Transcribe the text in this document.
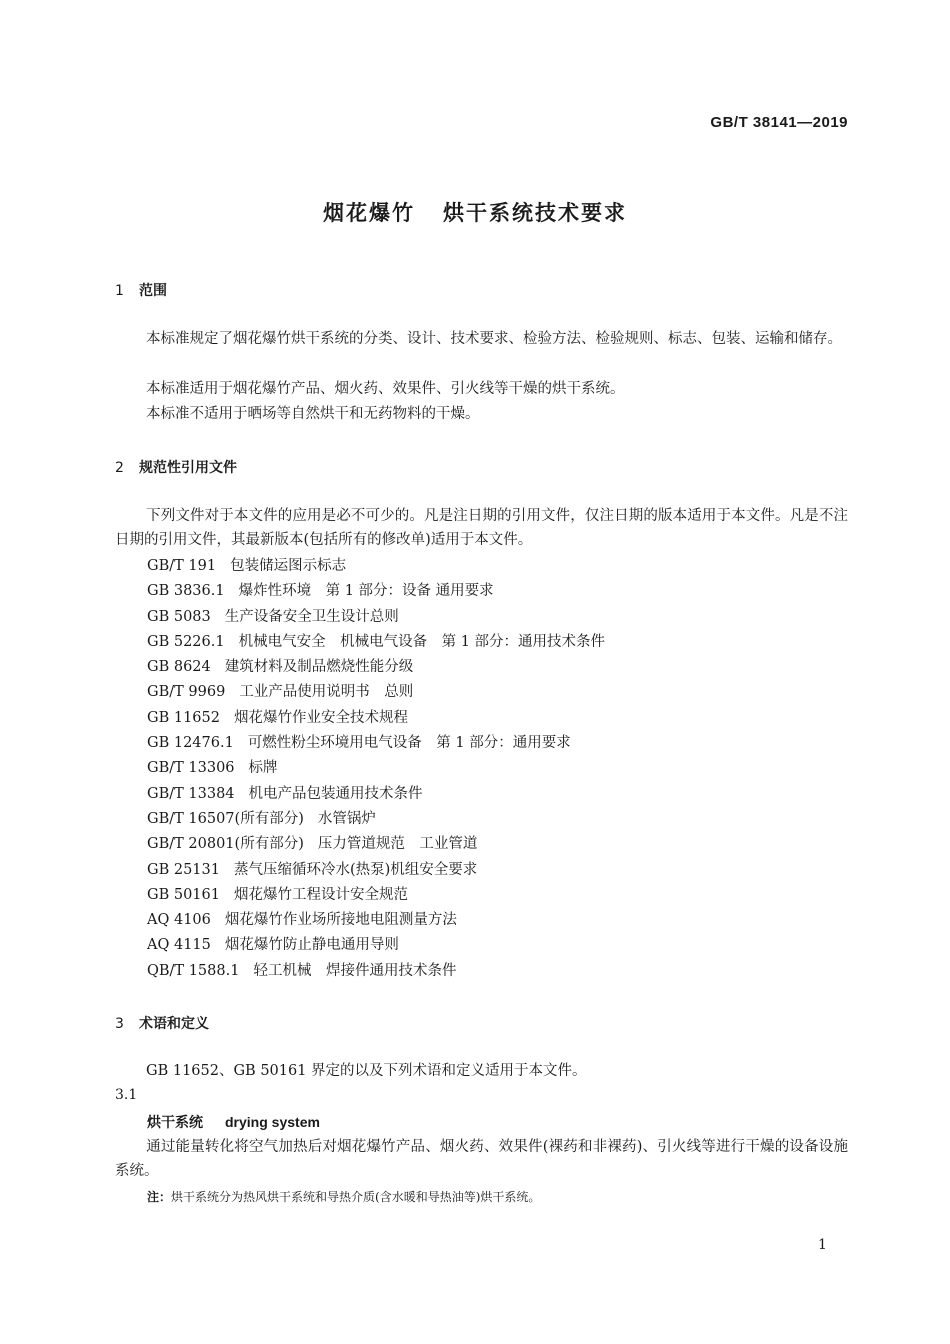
GB/T 38141—2019
烟花爆竹 烘干系统技术要求
1 范围
本标准规定了烟花爆竹烘干系统的分类、设计、技术要求、检验方法、检验规则、标志、包装、运输和储存。
本标准适用于烟花爆竹产品、烟火药、效果件、引火线等干燥的烘干系统。
本标准不适用于晒场等自然烘干和无药物料的干燥。
2 规范性引用文件
下列文件对于本文件的应用是必不可少的。凡是注日期的引用文件，仅注日期的版本适用于本文件。凡是不注日期的引用文件，其最新版本(包括所有的修改单)适用于本文件。
GB/T 191 包装储运图示标志
GB 3836.1 爆炸性环境　第 1 部分：设备 通用要求
GB 5083 生产设备安全卫生设计总则
GB 5226.1 机械电气安全　机械电气设备　第 1 部分：通用技术条件
GB 8624 建筑材料及制品燃烧性能分级
GB/T 9969 工业产品使用说明书　总则
GB 11652 烟花爆竹作业安全技术规程
GB 12476.1 可燃性粉尘环境用电气设备　第 1 部分：通用要求
GB/T 13306 标牌
GB/T 13384 机电产品包装通用技术条件
GB/T 16507(所有部分) 水管锅炉
GB/T 20801(所有部分) 压力管道规范　工业管道
GB 25131 蒸气压缩循环冷水(热泵)机组安全要求
GB 50161 烟花爆竹工程设计安全规范
AQ 4106 烟花爆竹作业场所接地电阻测量方法
AQ 4115 烟花爆竹防止静电通用导则
QB/T 1588.1 轻工机械　焊接件通用技术条件
3 术语和定义
GB 11652、GB 50161 界定的以及下列术语和定义适用于本文件。
3.1
烘干系统 drying system
通过能量转化将空气加热后对烟花爆竹产品、烟火药、效果件(裸药和非裸药)、引火线等进行干燥的设备设施系统。
注：烘干系统分为热风烘干系统和导热介质(含水暖和导热油等)烘干系统。
1
